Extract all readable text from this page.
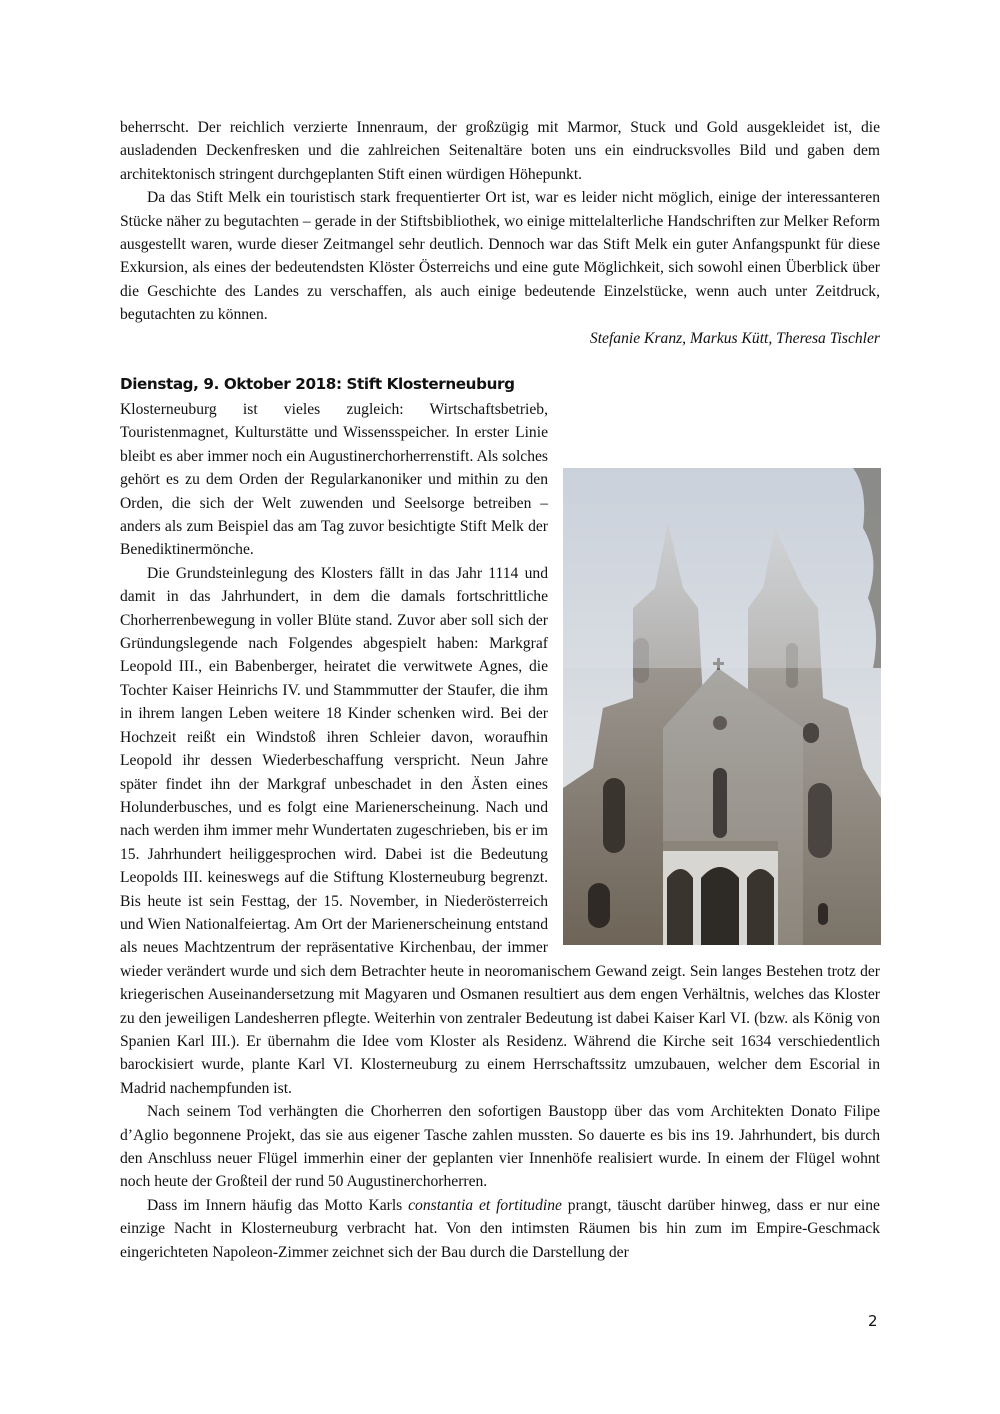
beherrscht. Der reichlich verzierte Innenraum, der großzügig mit Marmor, Stuck und Gold ausgekleidet ist, die ausladenden Deckenfresken und die zahlreichen Seitenaltäre boten uns ein eindrucksvolles Bild und gaben dem architektonisch stringent durchgeplanten Stift einen würdigen Höhepunkt.

Da das Stift Melk ein touristisch stark frequentierter Ort ist, war es leider nicht möglich, einige der interessanteren Stücke näher zu begutachten – gerade in der Stiftsbibliothek, wo einige mittelalterliche Handschriften zur Melker Reform ausgestellt waren, wurde dieser Zeitmangel sehr deutlich. Dennoch war das Stift Melk ein guter Anfangspunkt für diese Exkursion, als eines der bedeutendsten Klöster Österreichs und eine gute Möglichkeit, sich sowohl einen Überblick über die Geschichte des Landes zu verschaffen, als auch einige bedeutende Einzelstücke, wenn auch unter Zeitdruck, begutachten zu können.

Stefanie Kranz, Markus Kütt, Theresa Tischler
Dienstag, 9. Oktober 2018: Stift Klosterneuburg

Klosterneuburg ist vieles zugleich: Wirtschaftsbetrieb, Touristenmagnet, Kulturstätte und Wissensspeicher. In erster Linie bleibt es aber immer noch ein Augustinerchorherrenstift. Als solches gehört es zu dem Orden der Regularkanoniker und mithin zu den Orden, die sich der Welt zuwenden und Seelsorge betreiben – anders als zum Beispiel das am Tag zuvor besichtigte Stift Melk der Benediktinermönche.

Die Grundsteinlegung des Klosters fällt in das Jahr 1114 und damit in das Jahrhundert, in dem die damals fortschrittliche Chorherrenbewegung in voller Blüte stand. Zuvor aber soll sich der Gründungslegende nach Folgendes abgespielt haben: Markgraf Leopold III., ein Babenberger, heiratet die verwitwete Agnes, die Tochter Kaiser Heinrichs IV. und Stammmutter der Staufer, die ihm in ihrem langen Leben weitere 18 Kinder schenken wird. Bei der Hochzeit reißt ein Windstoß ihren Schleier davon, woraufhin Leopold ihr dessen Wiederbeschaffung verspricht. Neun Jahre später findet ihn der Markgraf unbeschadet in den Ästen eines Holunderbusches, und es folgt eine Marienerscheinung. Nach und nach werden ihm immer mehr Wundertaten zugeschrieben, bis er im 15. Jahrhundert heiliggesprochen wird. Dabei ist die Bedeutung Leopolds III. keineswegs auf die Stiftung Klosterneuburg begrenzt. Bis heute ist sein Festtag, der 15. November, in Niederösterreich und Wien Nationalfeiertag. Am Ort der Marienerscheinung entstand als neues Machtzentrum der repräsentative Kirchenbau, der immer wieder verändert wurde und sich dem Betrachter heute in neoromanischem Gewand zeigt. Sein langes Bestehen trotz der kriegerischen Auseinandersetzung mit Magyaren und Osmanen resultiert aus dem engen Verhältnis, welches das Kloster zu den jeweiligen Landesherren pflegte. Weiterhin von zentraler Bedeutung ist dabei Kaiser Karl VI. (bzw. als König von Spanien Karl III.). Er übernahm die Idee vom Kloster als Residenz. Während die Kirche seit 1634 verschiedentlich barockisiert wurde, plante Karl VI. Klosterneuburg zu einem Herrschaftssitz umzubauen, welcher dem Escorial in Madrid nachempfunden ist.

Nach seinem Tod verhängten die Chorherren den sofortigen Baustopp über das vom Architekten Donato Filipe d’Aglio begonnene Projekt, das sie aus eigener Tasche zahlen mussten. So dauerte es bis ins 19. Jahrhundert, bis durch den Anschluss neuer Flügel immerhin einer der geplanten vier Innenhöfe realisiert wurde. In einem der Flügel wohnt noch heute der Großteil der rund 50 Augustinerchorherren.

Dass im Innern häufig das Motto Karls constantia et fortitudine prangt, täuscht darüber hinweg, dass er nur eine einzige Nacht in Klosterneuburg verbracht hat. Von den intimsten Räumen bis hin zum im Empire-Geschmack eingerichteten Napoleon-Zimmer zeichnet sich der Bau durch die Darstellung der

2
